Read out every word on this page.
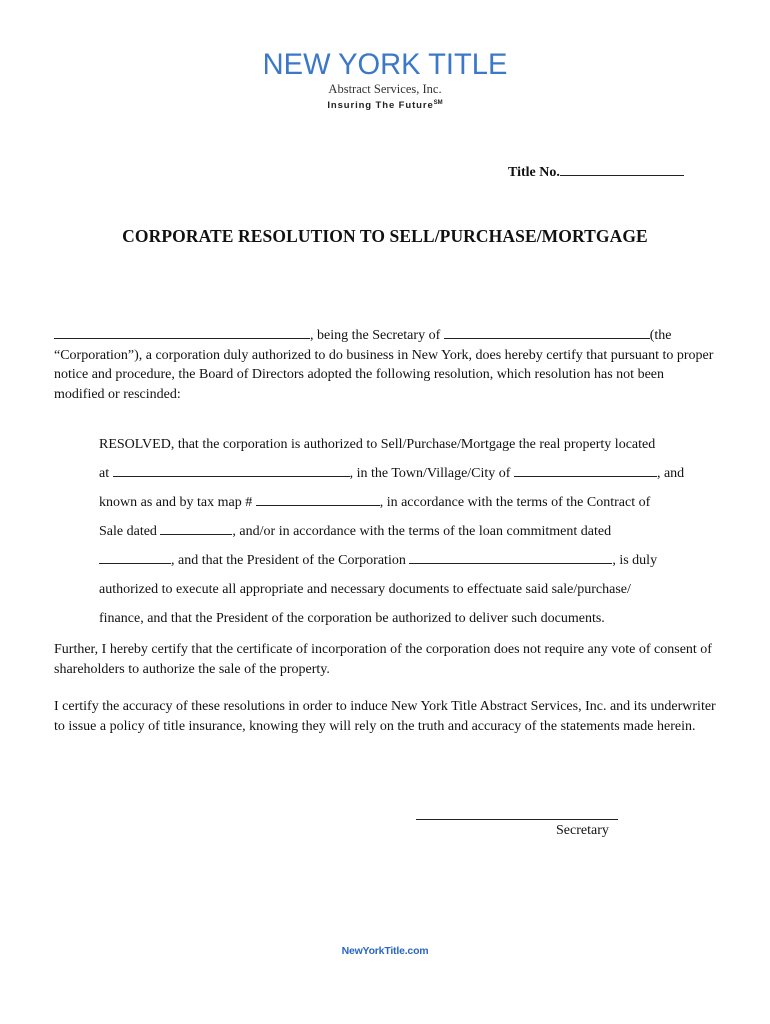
NEW YORK TITLE
Abstract Services, Inc.
Insuring The Future℠
Title No.
CORPORATE RESOLUTION TO SELL/PURCHASE/MORTGAGE
, being the Secretary of	(the “Corporation”), a corporation duly authorized to do business in New York, does hereby certify that pursuant to proper notice and procedure, the Board of Directors adopted the following resolution, which resolution has not been modified or rescinded:
RESOLVED, that the corporation is authorized to Sell/Purchase/Mortgage the real property located
at	, in the Town/Village/City of	, and
known as and by tax map #	, in accordance with the terms of the Contract of
Sale dated	, and/or in accordance with the terms of the loan commitment dated
, and that the President of the Corporation	, is duly
authorized to execute all appropriate and necessary documents to effectuate said sale/purchase/
finance, and that the President of the corporation be authorized to deliver such documents.
Further, I hereby certify that the certificate of incorporation of the corporation does not require any vote of consent of shareholders to authorize the sale of the property.
I certify the accuracy of these resolutions in order to induce New York Title Abstract Services, Inc. and its underwriter to issue a policy of title insurance, knowing they will rely on the truth and accuracy of the statements made herein.
Secretary
NewYorkTitle.com
